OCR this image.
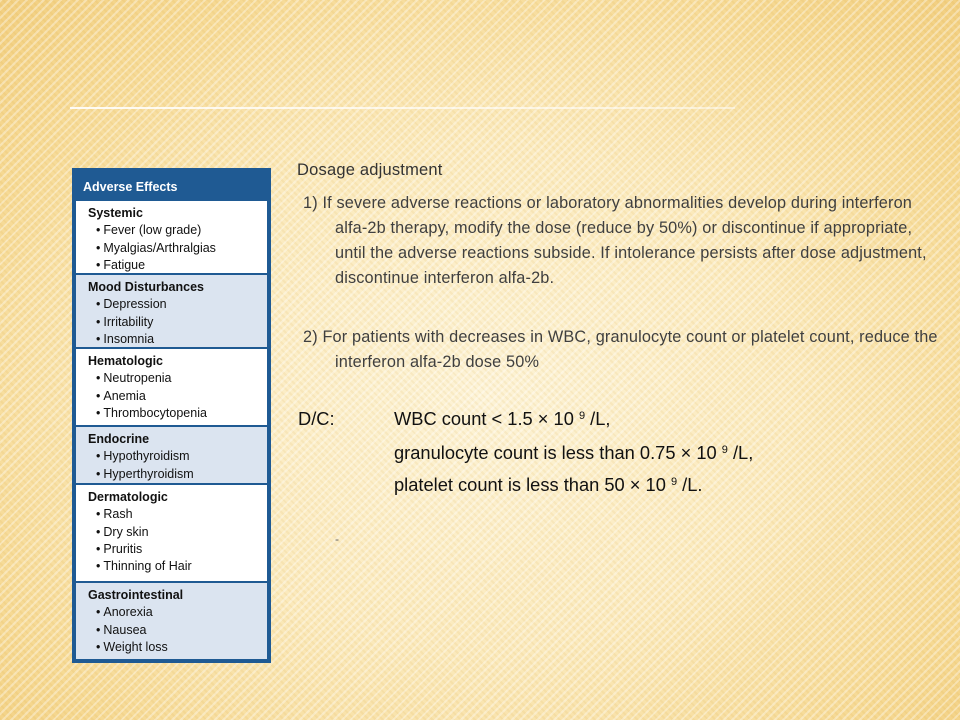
Adverse Effects
Systemic
• Fever (low grade)
• Myalgias/Arthralgias
• Fatigue
Mood Disturbances
• Depression
• Irritability
• Insomnia
Hematologic
• Neutropenia
• Anemia
• Thrombocytopenia
Endocrine
• Hypothyroidism
• Hyperthyroidism
Dermatologic
• Rash
• Dry skin
• Pruritis
• Thinning of Hair
Gastrointestinal
• Anorexia
• Nausea
• Weight loss
Dosage adjustment
1) If severe adverse reactions or laboratory abnormalities develop during interferon alfa-2b therapy, modify the dose (reduce by 50%) or discontinue if appropriate, until the adverse reactions subside. If intolerance persists after dose adjustment, discontinue interferon alfa-2b.
2) For patients with decreases in WBC, granulocyte count or platelet count, reduce the interferon alfa-2b dose 50%
D/C:	WBC count < 1.5 × 10 $^9$ /L,
granulocyte count is less than 0.75 × 10 $^9$ /L,
platelet count is less than 50 × 10 $^9$ /L.
-
